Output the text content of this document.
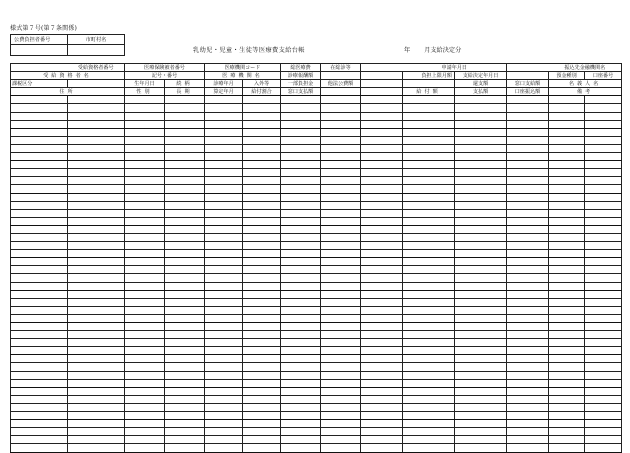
様式第７号(第７条関係)
公費負担者番号	市町村名

乳幼児・児童・生徒等医療費支給台帳	年 月支給決定分
	受給資格者番号	医療保険被者番号		医療機関コード		総医療費	在総診等		申請年月日			振込先金融機関名	
受給資格者名		記号・番号		医療機関名		診療報酬額			負担上限月額	支給決定年月日		預金種別	口座番号
課税区分		生年月日	続柄	診療年月	入外等	一部負担金	他法公費額			還支額	窓口支給額	名義人名	
住所		性別	長期	算定年月	給付割合	窓口支払額			給付額	支払額	口座振込額	備考	
